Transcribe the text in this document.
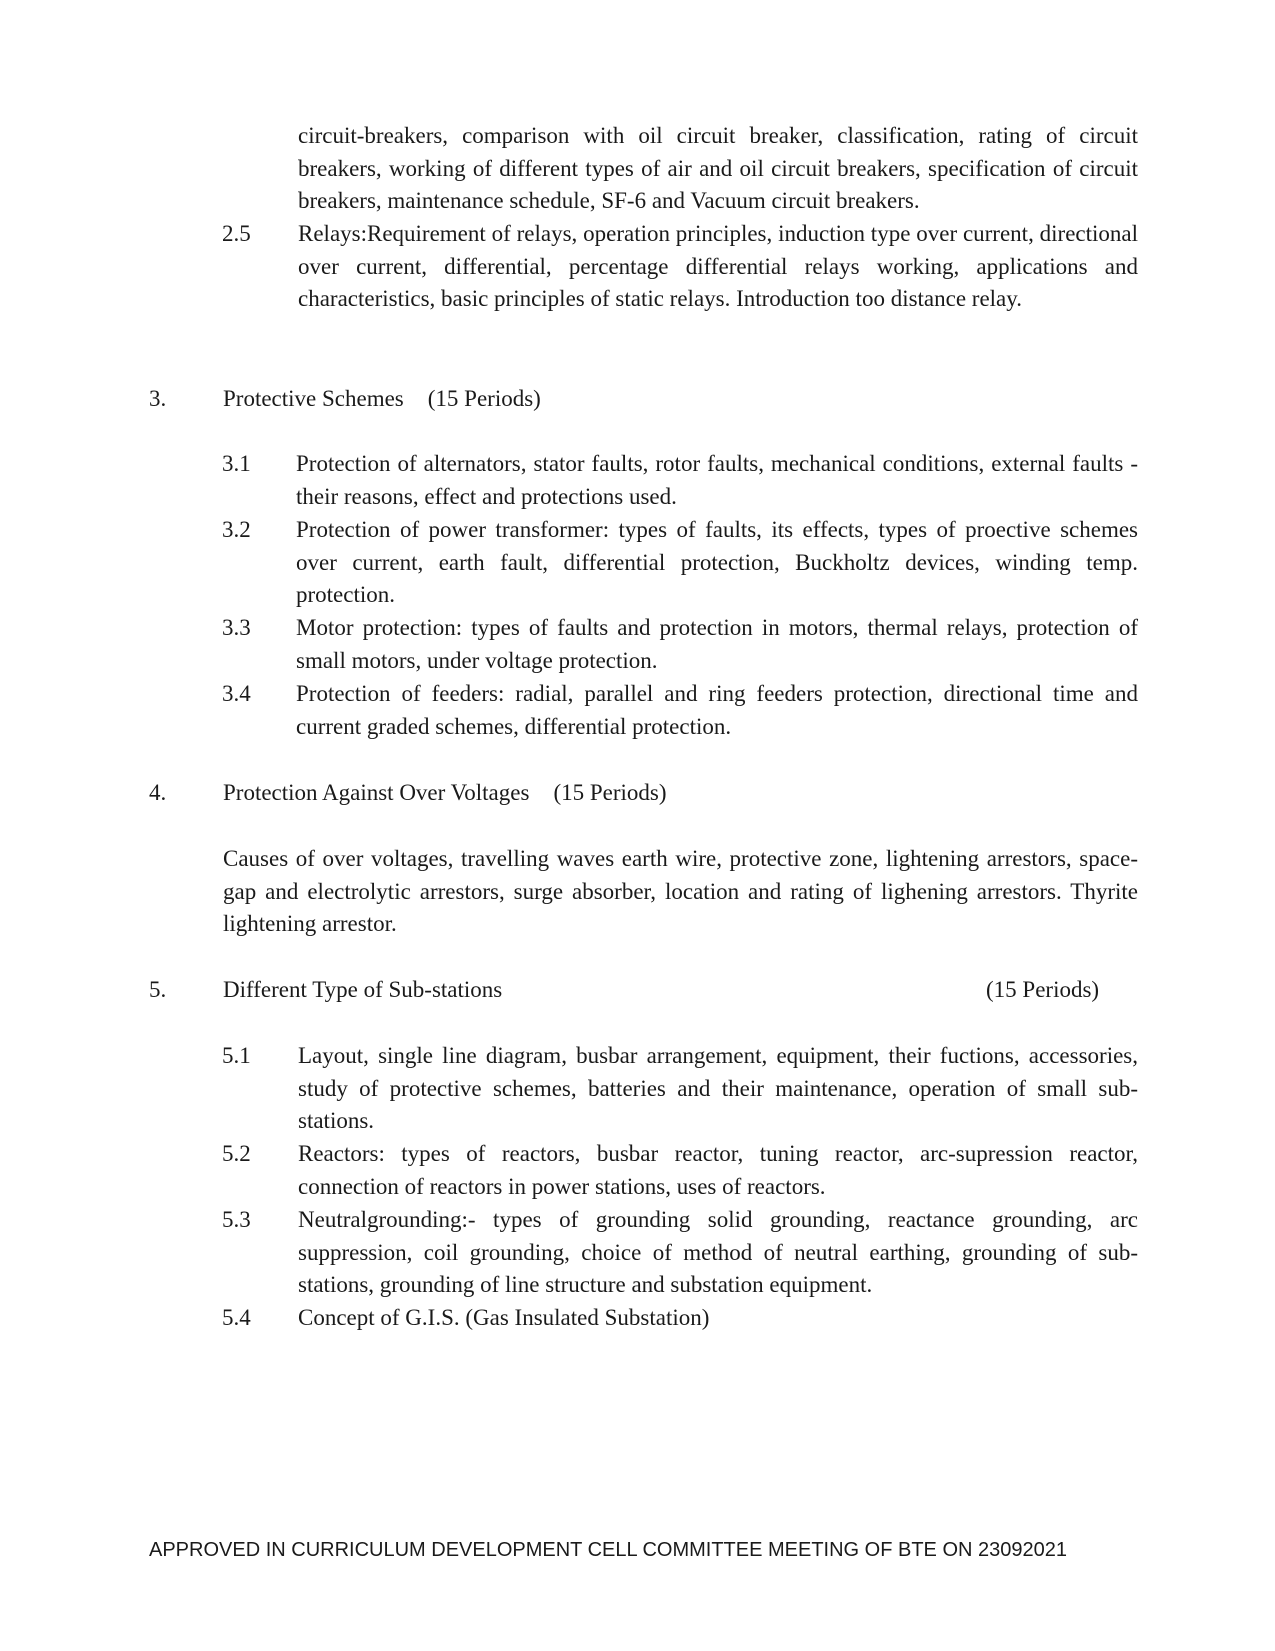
circuit-breakers, comparison with oil circuit breaker, classification, rating of circuit breakers, working of different types of air and oil circuit breakers, specification of circuit breakers, maintenance schedule, SF-6 and Vacuum circuit breakers.
2.5 Relays:Requirement of relays, operation principles, induction type over current, directional over current, differential, percentage differential relays working, applications and characteristics, basic principles of static relays. Introduction too distance relay.
3. Protective Schemes (15 Periods)
3.1 Protection of alternators, stator faults, rotor faults, mechanical conditions, external faults - their reasons, effect and protections used.
3.2 Protection of power transformer: types of faults, its effects, types of proective schemes over current, earth fault, differential protection, Buckholtz devices, winding temp. protection.
3.3 Motor protection: types of faults and protection in motors, thermal relays, protection of small motors, under voltage protection.
3.4 Protection of feeders: radial, parallel and ring feeders protection, directional time and current graded schemes, differential protection.
4. Protection Against Over Voltages (15 Periods)
Causes of over voltages, travelling waves earth wire, protective zone, lightening arrestors, space-gap and electrolytic arrestors, surge absorber, location and rating of lighening arrestors. Thyrite lightening arrestor.
5. Different Type of Sub-stations	(15 Periods)
5.1 Layout, single line diagram, busbar arrangement, equipment, their fuctions, accessories, study of protective schemes, batteries and their maintenance, operation of small sub-stations.
5.2 Reactors: types of reactors, busbar reactor, tuning reactor, arc-supression reactor, connection of reactors in power stations, uses of reactors.
5.3 Neutralgrounding:- types of grounding solid grounding, reactance grounding, arc suppression, coil grounding, choice of method of neutral earthing, grounding of sub-stations, grounding of line structure and substation equipment.
5.4 Concept of G.I.S. (Gas Insulated Substation)
APPROVED IN CURRICULUM DEVELOPMENT CELL COMMITTEE MEETING OF BTE ON 23092021
